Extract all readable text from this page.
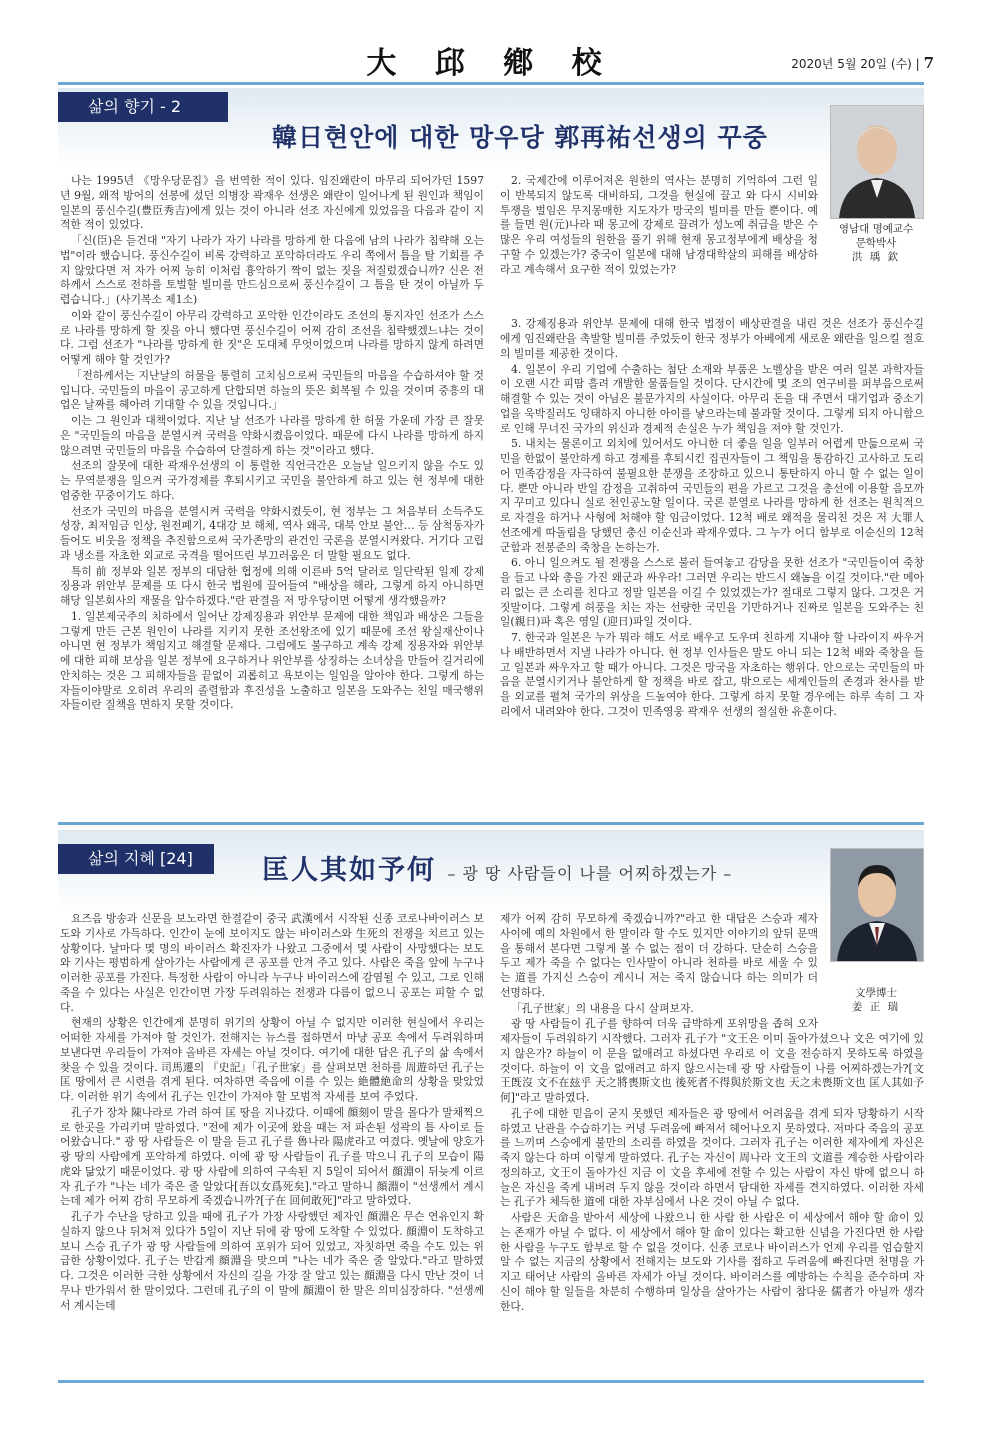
大 邱 鄕 校	2020년 5월 20일 (수) | 7
삶의 향기 - 2
韓日현안에 대한 망우당 郭再祐선생의 꾸중
영남대 명예교수
문학박사
洪 瑀 欽

나는 1995년 《망우당문집》을 번역한 적이 있다. 임진왜란이 마무리 되어가던 1597년 9월, 왜적 방어의 선봉에 섰던 의병장 곽재우 선생은 왜란이 일어나게 된 원인과 책임이 일본의 풍신수길(豊臣秀吉)에게 있는 것이 아니라 선조 자신에게 있었음을 다음과 같이 지적한 적이 있었다.

「신(臣)은 듣건대 "자기 나라가 자기 나라를 망하게 한 다음에 남의 나라가 침략해 오는 법"이라 했습니다. 풍신수길이 비록 강력하고 포악하더라도 우리 쪽에서 틈을 탈 기회를 주지 않았다면 저 자가 어찌 능히 이처럼 흉악하기 짝이 없는 짓을 저질렀겠습니까? 신은 전하께서 스스로 전하를 토벌할 빌미를 만드심으로써 풍신수길이 그 틈을 탄 것이 아닐까 두렵습니다.」(사기복소 제1소)

이와 같이 풍신수길이 아무리 강력하고 포악한 인간이라도 조선의 통지자인 선조가 스스로 나라를 망하게 할 짓을 아니 했다면 풍신수길이 어찌 감히 조선을 침략했겠느냐는 것이다. 그럼 선조가 "나라를 망하게 한 짓"은 도대체 무엇이었으며 나라를 망하지 않게 하려면 어떻게 해야 할 것인가?

「전하께서는 지난날의 허물을 통렬히 고치심으로써 국민들의 마음을 수습하셔야 할 것입니다. 국민들의 마음이 공고하게 단합되면 하늘의 뜻은 회복될 수 있을 것이며 중흥의 대업은 날짜를 헤아려 기대할 수 있을 것입니다.」

이는 그 원인과 대책이었다. 지난 날 선조가 나라를 망하게 한 허물 가운데 가장 큰 잘못은 "국민들의 마음을 분열시켜 국력을 약화시켰음이었다. 때문에 다시 나라를 망하게 하지 않으려면 국민들의 마음을 수습하여 단결하게 하는 것"이라고 했다.

선조의 잘못에 대한 곽재우선생의 이 통렬한 직언극간은 오늘날 일으키지 않을 수도 있는 무역분쟁을 일으켜 국가경제를 후퇴시키고 국민을 불안하게 하고 있는 현 정부에 대한 엄중한 꾸중이기도 하다.

선조가 국민의 마음을 분열시켜 국력을 약화시켰듯이, 현 정부는 그 처음부터 소득주도성장, 최저임금 인상, 원전폐기, 4대강 보 해체, 역사 왜곡, 대북 안보 불안… 등 삼척동자가 들어도 비웃을 정책을 추진함으로써 국가존망의 관건인 국론을 분열시켜왔다. 거기다 고립과 냉소를 자초한 외교로 국격을 떨어뜨린 부끄러움은 더 말할 필요도 없다.

특히 前 정부와 일본 정부의 대담한 협정에 의해 이른바 5억 달러로 일단락된 일제 강제징용과 위안부 문제를 또 다시 한국 법원에 끌어들여 "배상을 해라, 그렇게 하지 아니하면 해당 일본회사의 재물을 압수하겠다."란 판결을 저 망우당이면 어떻게 생각했을까?

1. 일본제국주의 치하에서 일어난 강제징용과 위안부 문제에 대한 책임과 배상은 그들을 그렇게 만든 근본 원인이 나라를 지키지 못한 조선왕조에 있기 때문에 조선 왕실재산이나 아니면 현 정부가 책임지고 해결할 문제다. 그럼에도 불구하고 계속 강제 징용자와 위안부에 대한 피해 보상을 일본 정부에 요구하거나 위안부를 상징하는 소녀상을 만들어 길거리에 안치하는 것은 그 피해자들을 끝없이 괴롭히고 욕보이는 일임을 알아야 한다. 그렇게 하는 자들이야말로 오히려 우리의 졸렬함과 후진성을 노출하고 일본을 도와주는 친일 매국행위자들이란 질책을 면하지 못할 것이다.

2. 국제간에 이루어져온 원한의 역사는 분명히 기억하여 그런 일이 반복되지 않도록 대비하되, 그것을 현실에 끌고 와 다시 시비와 투쟁을 벌임은 무지몽매한 지도자가 망국의 빌미를 만들 뿐이다. 예를 들면 원(元)나라 때 몽고에 강제로 끌려가 성노예 취급을 받은 수많은 우리 여성들의 원한을 풀기 위해 현재 몽고정부에게 배상을 청구할 수 있겠는가? 중국이 일본에 대해 남경대학살의 피해를 배상하라고 계속해서 요구한 적이 있었는가?

3. 강제징용과 위안부 문제에 대해 한국 법정이 배상판결을 내린 것은 선조가 풍신수길에게 임진왜란을 촉발할 빌미를 주었듯이 한국 정부가 아베에게 새로운 왜란을 일으킬 절호의 빌미를 제공한 것이다.

4. 일본이 우리 기업에 수출하는 첨단 소재와 부품은 노벨상을 받은 여러 일본 과학자들이 오랜 시간 피땀 흘려 개발한 물품들일 것이다. 단시간에 몇 조의 연구비를 퍼부음으로써 해결할 수 있는 것이 아님은 불문가지의 사실이다. 아무리 돈을 대 주면서 대기업과 중소기업을 욱박질러도 잉태하지 아니한 아이를 낳으라는데 불과할 것이다. 그렇게 되지 아니함으로 인해 무너진 국가의 위신과 경제적 손실은 누가 책임을 져야 할 것인가.

5. 내치는 물론이고 외치에 있어서도 아니한 더 좋을 일을 일부러 어렵게 만듦으로써 국민을 한없이 불안하게 하고 경제를 후퇴시킨 집권자들이 그 책임을 통감하긴 고사하고 도리어 민족감정을 자극하여 불필요한 분쟁을 조장하고 있으니 통탄하지 아니 할 수 없는 일이다. 뿐만 아니라 반일 감정을 고취하여 국민들의 편을 가르고 그것을 총선에 이용할 음모까지 꾸미고 있다니 실로 천인공노할 일이다. 국론 분열로 나라를 망하게 한 선조는 원칙적으로 자결을 하거나 사형에 처해야 할 임금이었다. 12척 배로 왜적을 물리친 것은 저 大罪人 선조에게 따돌림을 당했던 충신 이순신과 곽재우였다. 그 누가 어디 함부로 이순신의 12척 군함과 전봉준의 죽창을 논하는가.

6. 아니 일으켜도 될 전쟁을 스스로 불러 들여놓고 감당을 못한 선조가 "국민들이여 죽창을 들고 나와 총을 가진 왜군과 싸우라! 그러면 우리는 반드시 왜놈을 이길 것이다."란 메아리 없는 큰 소리를 친다고 정말 일본을 이길 수 있었겠는가? 절대로 그렇지 않다. 그것은 거짓말이다. 그렇게 허풍을 치는 자는 선량한 국민을 기만하거나 진짜로 일본을 도와주는 친일(親日)파 혹은 영일 (迎日)파일 것이다.

7. 한국과 일본은 누가 뭐라 해도 서로 배우고 도우며 친하게 지내야 할 나라이지 싸우거나 배반하면서 지낼 나라가 아니다. 현 정부 인사들은 말도 아니 되는 12척 배와 죽창을 들고 일본과 싸우자고 할 때가 아니다. 그것은 망국을 자초하는 행위다. 안으로는 국민들의 마음을 분열시키거나 불안하게 할 정책을 바로 잡고, 밖으로는 세계인들의 존경과 찬사를 받을 외교를 펼쳐 국가의 위상을 드높여야 한다. 그렇게 하지 못할 경우에는 하루 속히 그 자리에서 내려와야 한다. 그것이 민족영웅 곽재우 선생의 절실한 유훈이다.

삶의 지혜 [24]	匡人其如予何 – 광 땅 사람들이 나를 어찌하겠는가 –
文學博士
姜 正 瑞

요즈음 방송과 신문을 보노라면 한결같이 중국 武漢에서 시작된 신종 코로나바이러스 보도와 기사로 가득하다. 인간이 눈에 보이지도 않는 바이러스와 生死의 전쟁을 치르고 있는 상황이다. 날마다 몇 명의 바이러스 확진자가 나왔고 그중에서 몇 사람이 사망했다는 보도와 기사는 평범하게 살아가는 사람에게 큰 공포를 안겨 주고 있다. 사람은 죽을 앞에 누구나 이러한 공포를 가진다. 특정한 사람이 아니라 누구나 바이러스에 감염될 수 있고, 그로 인해 죽을 수 있다는 사실은 인간이면 가장 두려워하는 전쟁과 다름이 없으니 공포는 피할 수 없다.

현재의 상황은 인간에게 분명히 위기의 상황이 아닐 수 없지만 이러한 현실에서 우리는 어떠한 자세를 가져야 할 것인가. 전해지는 뉴스를 접하면서 마냥 공포 속에서 두려워하며 보낸다면 우리들이 가져야 올바른 자세는 아닐 것이다. 여기에 대한 답은 孔子의 삶 속에서 찾을 수 있을 것이다. 司馬遷의 『史記』「孔子世家」를 살펴보면 천하를 周遊하던 孔子는 匡 땅에서 큰 시련을 겪게 된다. 여차하면 죽음에 이를 수 있는 絶體絶命의 상황을 맞았었다. 이러한 위기 속에서 孔子는 인간이 가져야 할 모범적 자세를 보여 주었다.

孔子가 장차 陳나라로 가려 하여 匡 땅을 지나갔다. 이때에 顔刻이 말을 몰다가 말채찍으로 한곳을 가리키며 말하였다. "전에 제가 이곳에 왔을 때는 저 파손된 성곽의 틈 사이로 들어왔습니다." 광 땅 사람들은 이 말을 듣고 孔子를 魯나라 陽虎라고 여겼다. 옛날에 양호가 광 땅의 사람에게 포악하게 하였다. 이에 광 땅 사람들이 孔子를 막으니 孔子의 모습이 陽虎와 닮았기 때문이었다. 광 땅 사람에 의하여 구속된 지 5일이 되어서 顔淵이 뒤늦게 이르자 孔子가 "나는 네가 죽은 줄 알았다[吾以女爲死矣]."라고 말하니 顔淵이 "선생께서 계시는데 제가 어찌 감히 무모하게 죽겠습니까?[子在 回何敢死]"라고 말하였다.

孔子가 수난을 당하고 있을 때에 孔子가 가장 사랑했던 제자인 顔淵은 무슨 연유인지 확실하지 않으나 뒤처져 있다가 5일이 지난 뒤에 광 땅에 도착할 수 있었다. 顔淵이 도착하고 보니 스승 孔子가 광 땅 사람들에 의하여 포위가 되어 있었고, 자칫하면 죽을 수도 있는 위급한 상황이었다. 孔子는 반갑게 顔淵을 맞으며 "나는 네가 죽은 줄 알았다."라고 말하였다. 그것은 이러한 극한 상황에서 자신의 길을 가장 잘 알고 있는 顔淵을 다시 만난 것이 너무나 반가워서 한 말이었다. 그런데 孔子의 이 말에 顔淵이 한 말은 의미심장하다. "선생께서 계시는데

제가 어찌 감히 무모하게 죽겠습니까?"라고 한 대답은 스승과 제자 사이에 예의 차원에서 한 말이라 할 수도 있지만 이야기의 앞뒤 문맥을 통해서 본다면 그렇게 볼 수 없는 점이 더 강하다. 단순히 스승을 두고 제가 죽을 수 없다는 인사말이 아니라 천하를 바로 세울 수 있는 道를 가지신 스승이 계시니 저는 죽지 않습니다 하는 의미가 더 선명하다.

「孔子世家」의 내용을 다시 살펴보자.

광 땅 사람들이 孔子를 향하여 더욱 급박하게 포위망을 좁혀 오자 제자들이 두려워하기 시작했다. 그러자 孔子가 "文王은 이미 돌아가셨으나 文은 여기에 있지 않은가? 하늘이 이 문을 없애려고 하셨다면 우리로 이 文을 전승하지 못하도록 하였을 것이다. 하늘이 이 文을 없애려고 하지 않으시는데 광 땅 사람들이 나를 어찌하겠는가?[文王旣沒 文不在玆乎 天之將喪斯文也 後死者不得與於斯文也 天之未喪斯文也 匡人其如予何]"라고 말하였다.

孔子에 대한 믿음이 굳지 못했던 제자들은 광 땅에서 어려움을 겪게 되자 당황하기 시작하였고 난관을 수습하기는 커녕 두려움에 빠져서 헤어나오지 못하였다. 저마다 죽음의 공포를 느끼며 스승에게 불만의 소리를 하였을 것이다. 그러자 孔子는 이러한 제자에게 자신은 죽지 않는다 하며 이렇게 말하였다. 孔子는 자신이 周나라 文王의 文道를 계승한 사람이라 정의하고, 文王이 돌아가신 지금 이 文을 후세에 전할 수 있는 사람이 자신 밖에 없으니 하늘은 자신을 죽게 내버려 두지 않을 것이라 하면서 담대한 자세를 견지하였다. 이러한 자세는 孔子가 체득한 道에 대한 자부심에서 나온 것이 아닐 수 없다.

사람은 天命을 받아서 세상에 나왔으니 한 사람 한 사람은 이 세상에서 해야 할 命이 있는 존재가 아닐 수 없다. 이 세상에서 해야 할 命이 있다는 확고한 신념을 가진다면 한 사람 한 사람을 누구도 함부로 할 수 없을 것이다. 신종 코로나 바이러스가 언제 우리를 엄습할지 알 수 없는 지금의 상황에서 전해지는 보도와 기사를 접하고 두려움에 빠진다면 천명을 가지고 태어난 사람의 올바른 자세가 아닐 것이다. 바이러스를 예방하는 수칙을 준수하며 자신이 해야 할 일들을 차분히 수행하며 일상을 살아가는 사람이 참다운 儒者가 아닐까 생각한다.
